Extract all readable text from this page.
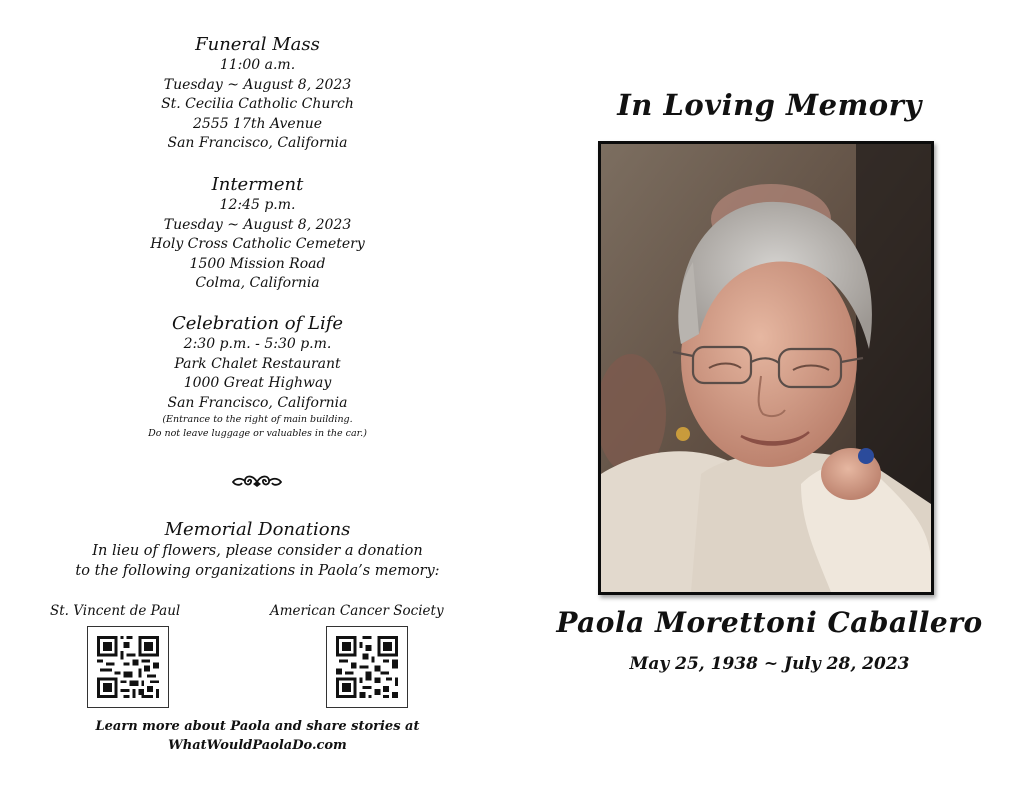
Funeral Mass
11:00 a.m.
Tuesday ~ August 8, 2023
St. Cecilia Catholic Church
2555 17th Avenue
San Francisco, California
Interment
12:45 p.m.
Tuesday ~ August 8, 2023
Holy Cross Catholic Cemetery
1500 Mission Road
Colma, California
Celebration of Life
2:30 p.m. - 5:30 p.m.
Park Chalet Restaurant
1000 Great Highway
San Francisco, California
(Entrance to the right of main building.
Do not leave luggage or valuables in the car.)
Memorial Donations
In lieu of flowers, please consider a donation
to the following organizations in Paola’s memory:
St. Vincent de Paul	American Cancer Society
Learn more about Paola and share stories at
WhatWouldPaolaDo.com
In Loving Memory
Paola Morettoni Caballero
May 25, 1938 ~ July 28, 2023
